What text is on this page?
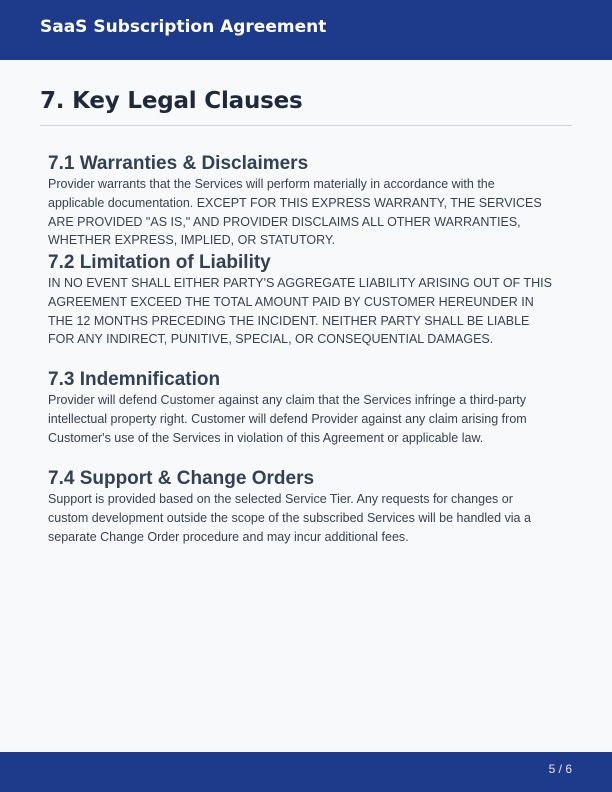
SaaS Subscription Agreement
7. Key Legal Clauses
7.1 Warranties & Disclaimers

Provider warrants that the Services will perform materially in accordance with the applicable documentation. EXCEPT FOR THIS EXPRESS WARRANTY, THE SERVICES ARE PROVIDED "AS IS," AND PROVIDER DISCLAIMS ALL OTHER WARRANTIES, WHETHER EXPRESS, IMPLIED, OR STATUTORY.

7.2 Limitation of Liability

IN NO EVENT SHALL EITHER PARTY'S AGGREGATE LIABILITY ARISING OUT OF THIS AGREEMENT EXCEED THE TOTAL AMOUNT PAID BY CUSTOMER HEREUNDER IN THE 12 MONTHS PRECEDING THE INCIDENT. NEITHER PARTY SHALL BE LIABLE FOR ANY INDIRECT, PUNITIVE, SPECIAL, OR CONSEQUENTIAL DAMAGES.

7.3 Indemnification

Provider will defend Customer against any claim that the Services infringe a third-party intellectual property right. Customer will defend Provider against any claim arising from Customer's use of the Services in violation of this Agreement or applicable law.

7.4 Support & Change Orders

Support is provided based on the selected Service Tier. Any requests for changes or custom development outside the scope of the subscribed Services will be handled via a separate Change Order procedure and may incur additional fees.

5 / 6
